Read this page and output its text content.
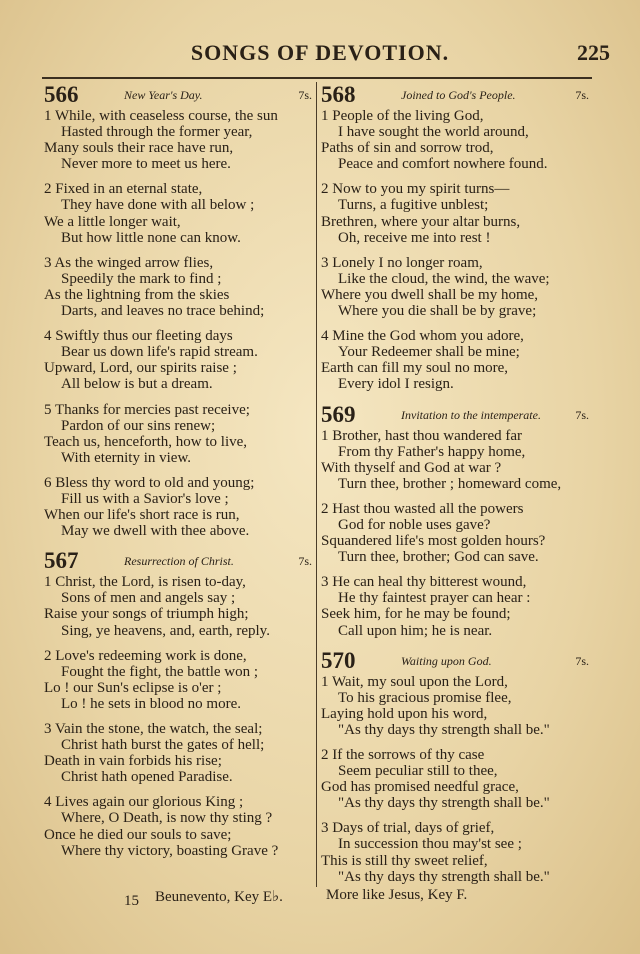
SONGS OF DEVOTION.	225
566	New Year's Day.	7s.
1 While, with ceaseless course, the sun
Hasted through the former year,
Many souls their race have run,
Never more to meet us here.
2 Fixed in an eternal state,
They have done with all below ;
We a little longer wait,
But how little none can know.
3 As the winged arrow flies,
Speedily the mark to find ;
As the lightning from the skies
Darts, and leaves no trace behind;
4 Swiftly thus our fleeting days
Bear us down life's rapid stream.
Upward, Lord, our spirits raise ;
All below is but a dream.
5 Thanks for mercies past receive;
Pardon of our sins renew;
Teach us, henceforth, how to live,
With eternity in view.
6 Bless thy word to old and young;
Fill us with a Savior's love ;
When our life's short race is run,
May we dwell with thee above.
567	Resurrection of Christ.	7s.
1 Christ, the Lord, is risen to-day,
Sons of men and angels say ;
Raise your songs of triumph high;
Sing, ye heavens, and, earth, reply.
2 Love's redeeming work is done,
Fought the fight, the battle won ;
Lo ! our Sun's eclipse is o'er ;
Lo ! he sets in blood no more.
3 Vain the stone, the watch, the seal;
Christ hath burst the gates of hell;
Death in vain forbids his rise;
Christ hath opened Paradise.
4 Lives again our glorious King ;
Where, O Death, is now thy sting ?
Once he died our souls to save;
Where thy victory, boasting Grave ?
568	Joined to God's People.	7s.
1 People of the living God,
I have sought the world around,
Paths of sin and sorrow trod,
Peace and comfort nowhere found.
2 Now to you my spirit turns—
Turns, a fugitive unblest;
Brethren, where your altar burns,
Oh, receive me into rest !
3 Lonely I no longer roam,
Like the cloud, the wind, the wave;
Where you dwell shall be my home,
Where you die shall be by grave;
4 Mine the God whom you adore,
Your Redeemer shall be mine;
Earth can fill my soul no more,
Every idol I resign.
569	Invitation to the intemperate.	7s.
1 Brother, hast thou wandered far
From thy Father's happy home,
With thyself and God at war ?
Turn thee, brother ; homeward come,
2 Hast thou wasted all the powers
God for noble uses gave?
Squandered life's most golden hours?
Turn thee, brother; God can save.
3 He can heal thy bitterest wound,
He thy faintest prayer can hear :
Seek him, for he may be found;
Call upon him; he is near.
570	Waiting upon God.	7s.
1 Wait, my soul upon the Lord,
To his gracious promise flee,
Laying hold upon his word,
"As thy days thy strength shall be."
2 If the sorrows of thy case
Seem peculiar still to thee,
God has promised needful grace,
"As thy days thy strength shall be."
3 Days of trial, days of grief,
In succession thou may'st see ;
This is still thy sweet relief,
"As thy days thy strength shall be."
15 Beunevento, Key E♭.	More like Jesus, Key F.
